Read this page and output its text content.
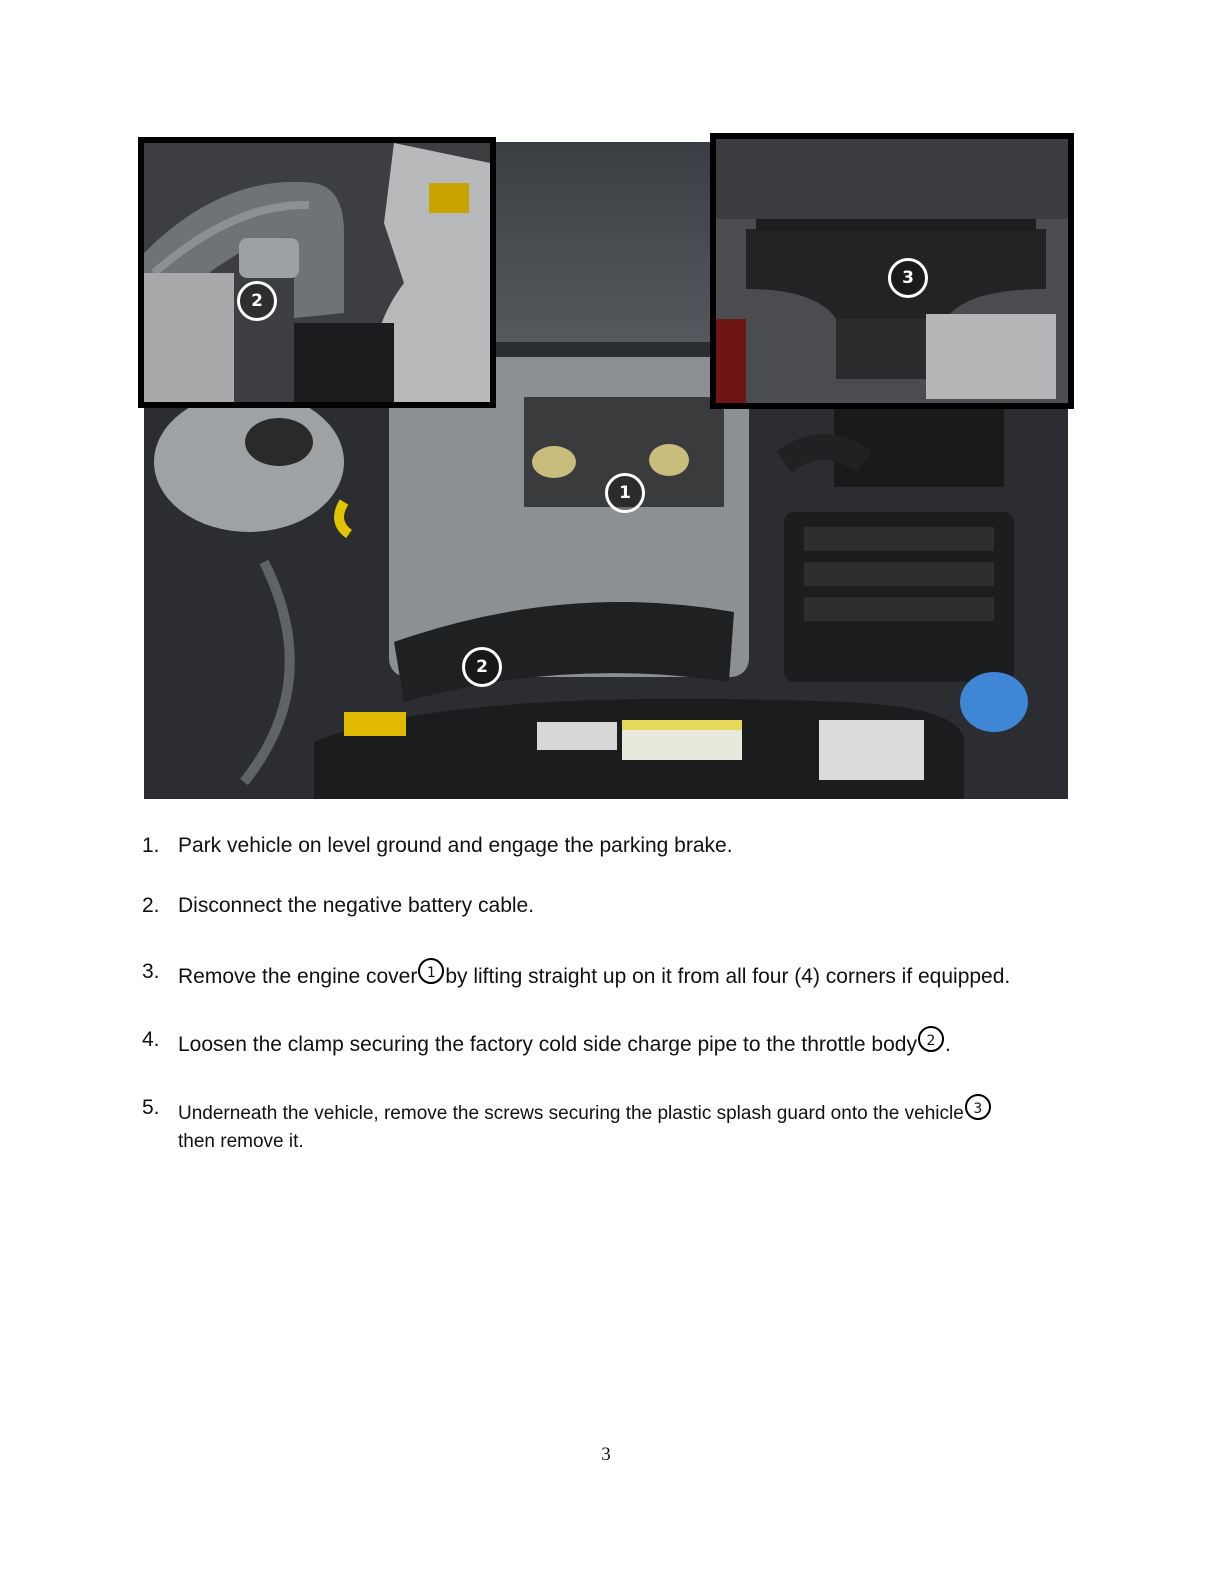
1
2
2
3
1. Park vehicle on level ground and engage the parking brake.
2. Disconnect the negative battery cable.
3. Remove the engine cover 1 by lifting straight up on it from all four (4) corners if equipped.
4. Loosen the clamp securing the factory cold side charge pipe to the throttle body 2 .
5. Underneath the vehicle, remove the screws securing the plastic splash guard onto the vehicle 3
then remove it.
3
